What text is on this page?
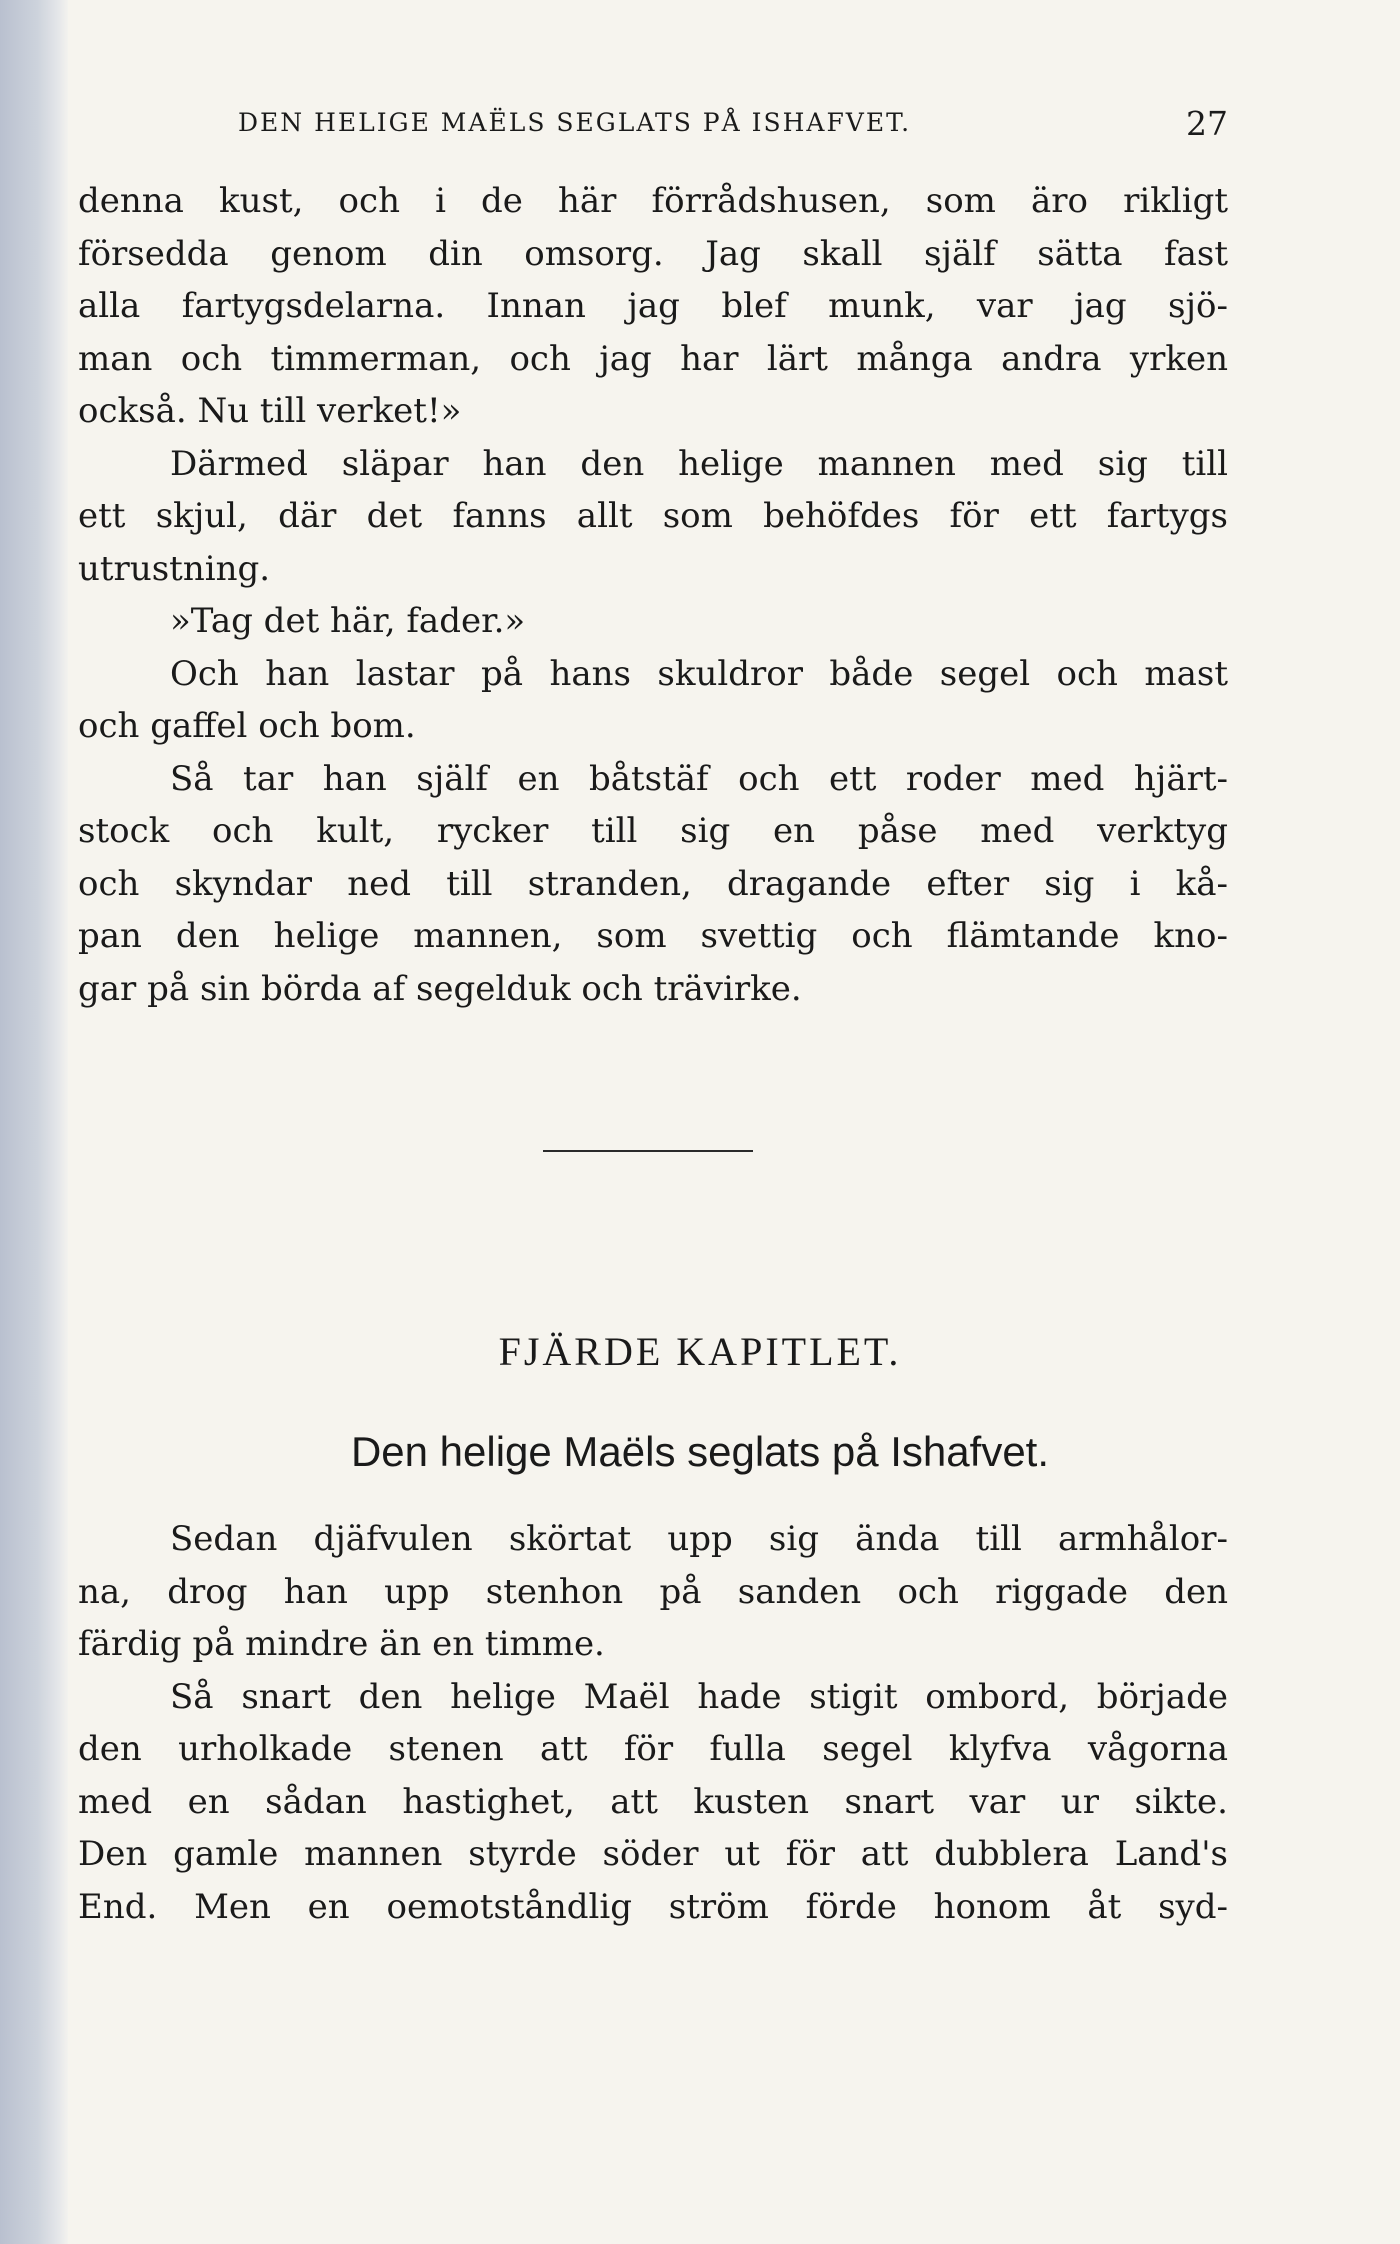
DEN HELIGE MAËLS SEGLATS PÅ ISHAFVET.	27
denna kust, och i de här förrådshusen, som äro rikligt
försedda genom din omsorg. Jag skall själf sätta fast
alla fartygsdelarna. Innan jag blef munk, var jag sjö-
man och timmerman, och jag har lärt många andra yrken
också. Nu till verket!»
Därmed släpar han den helige mannen med sig till
ett skjul, där det fanns allt som behöfdes för ett fartygs
utrustning.
»Tag det här, fader.»
Och han lastar på hans skuldror både segel och mast
och gaffel och bom.
Så tar han själf en båtstäf och ett roder med hjärt-
stock och kult, rycker till sig en påse med verktyg
och skyndar ned till stranden, dragande efter sig i kå-
pan den helige mannen, som svettig och flämtande kno-
gar på sin börda af segelduk och trävirke.
FJÄRDE KAPITLET.
Den helige Maëls seglats på Ishafvet.
Sedan djäfvulen skörtat upp sig ända till armhålor-
na, drog han upp stenhon på sanden och riggade den
färdig på mindre än en timme.
Så snart den helige Maël hade stigit ombord, började
den urholkade stenen att för fulla segel klyfva vågorna
med en sådan hastighet, att kusten snart var ur sikte.
Den gamle mannen styrde söder ut för att dubblera Land's
End. Men en oemotståndlig ström förde honom åt syd-
